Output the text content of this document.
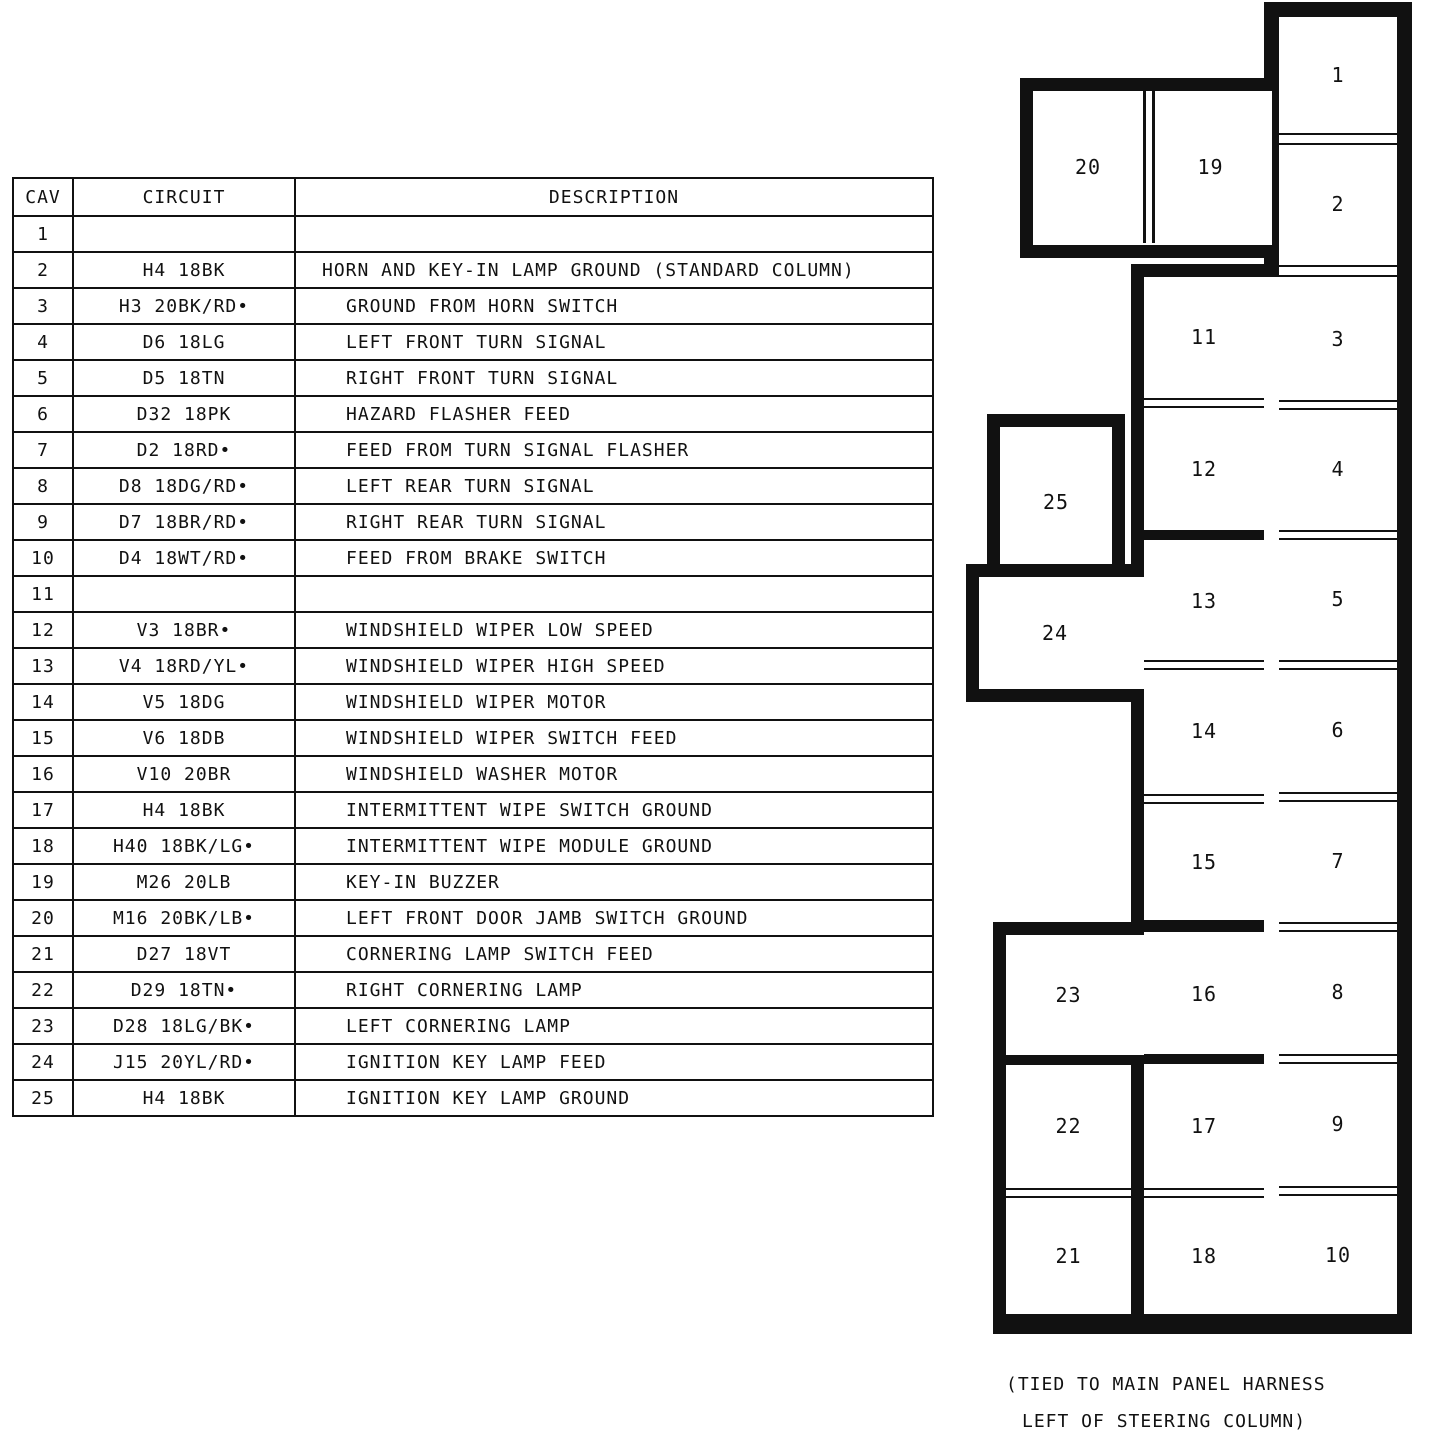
CAV	CIRCUIT	DESCRIPTION
1		
2	H4 18BK	HORN AND KEY-IN LAMP GROUND (STANDARD COLUMN)
3	H3 20BK/RD•	GROUND FROM HORN SWITCH
4	D6 18LG	LEFT FRONT TURN SIGNAL
5	D5 18TN	RIGHT FRONT TURN SIGNAL
6	D32 18PK	HAZARD FLASHER FEED
7	D2 18RD•	FEED FROM TURN SIGNAL FLASHER
8	D8 18DG/RD•	LEFT REAR TURN SIGNAL
9	D7 18BR/RD•	RIGHT REAR TURN SIGNAL
10	D4 18WT/RD•	FEED FROM BRAKE SWITCH
11		
12	V3 18BR•	WINDSHIELD WIPER LOW SPEED
13	V4 18RD/YL•	WINDSHIELD WIPER HIGH SPEED
14	V5 18DG	WINDSHIELD WIPER MOTOR
15	V6 18DB	WINDSHIELD WIPER SWITCH FEED
16	V10 20BR	WINDSHIELD WASHER MOTOR
17	H4 18BK	INTERMITTENT WIPE SWITCH GROUND
18	H40 18BK/LG•	INTERMITTENT WIPE MODULE GROUND
19	M26 20LB	KEY-IN BUZZER
20	M16 20BK/LB•	LEFT FRONT DOOR JAMB SWITCH GROUND
21	D27 18VT	CORNERING LAMP SWITCH FEED
22	D29 18TN•	RIGHT CORNERING LAMP
23	D28 18LG/BK•	LEFT CORNERING LAMP
24	J15 20YL/RD•	IGNITION KEY LAMP FEED
25	H4 18BK	IGNITION KEY LAMP GROUND
1
2
3
4
5
6
7
8
9
10
11
12
13
14
15
16
17
18
20	19
25
24
23
22
21
(TIED TO MAIN PANEL HARNESS
LEFT OF STEERING COLUMN)
